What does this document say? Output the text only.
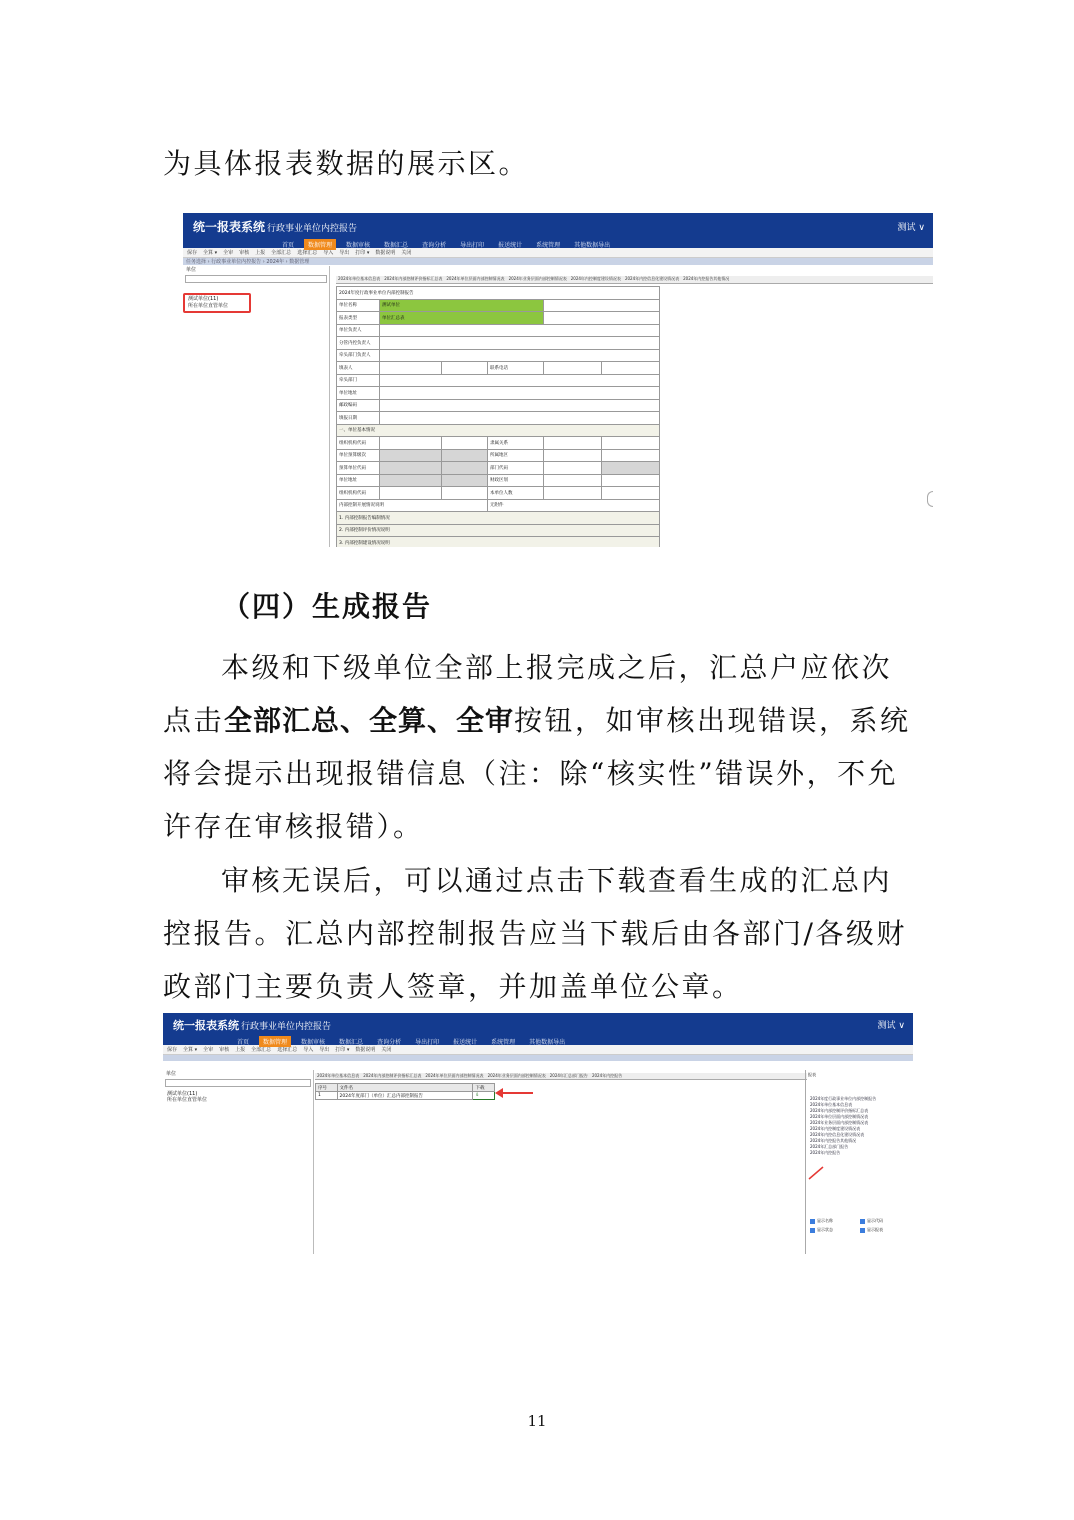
为具体报表数据的展示区。

统一报表系统 行政事业单位内控报告	测试 ∨
首页	数据管理	数据审核	数据汇总	查询分析	导出打印	报送统计	系统管理	其他数据导出
保存 全算 ▾ 全审 审核 上报 全部汇总 选择汇总 导入 导出 打印 ▾ 数据说明 关闭
任务选择 › 行政事业单位内控报告 › 2024年 › 数据管理
单位
测试单位(11)
所在单位直管单位
2024年单位基本信息表 2024年内部控制评价指标汇总表 2024年单位层面内部控制情况表 2024年业务层面内部控制情况表 2024年内控制度建设情况表 2024年内控信息化建设情况表 2024年内控报告其他情况
2024年度行政事业单位内部控制报告					
单位名称	测试单位				
报表类型	单位汇总表				
单位负责人					
分管内控负责人					
牵头部门负责人					
填表人			联系电话		
牵头部门					
单位地址					
邮政编码					
填报日期					
一、单位基本情况					
组织机构代码			隶属关系		
单位预算级次			所属地区		
预算单位代码			部门代码		
单位地址			财政区划		
组织机构代码			本单位人数		
内部控制开展情况说明			无附件		
1. 内部控制报告编制情况					
2. 内部控制评价情况说明					
3. 内部控制建设情况说明					

（四）生成报告

本级和下级单位全部上报完成之后，汇总户应依次点击全部汇总、全算、全审按钮，如审核出现错误，系统将会提示出现报错信息（注：除“核实性”错误外，不允许存在审核报错）。

审核无误后，可以通过点击下载查看生成的汇总内控报告。汇总内部控制报告应当下载后由各部门/各级财政部门主要负责人签章，并加盖单位公章。

统一报表系统 行政事业单位内控报告	测试 ∨
首页	数据管理	数据审核	数据汇总	查询分析	导出打印	报送统计	系统管理	其他数据导出
保存 全算 ▾ 全审 审核 上报 全部汇总 选择汇总 导入 导出 打印 ▾ 数据说明 关闭
单位
测试单位(11)
所在单位直管单位
2024年单位基本信息表 2024年内部控制评价指标汇总表 2024年单位层面内部控制情况表 2024年业务层面内部控制情况表 2024年汇总部门报告 2024年内控报告
序号	文件名	下载
1	2024年度部门（单位）汇总内部控制报告	⇩
报表
2024年度行政事业单位内部控制报告
2024年单位基本信息表
2024年内部控制评价指标汇总表
2024年单位层面内部控制情况表
2024年业务层面内部控制情况表
2024年内控制度建设情况表
2024年内控信息化建设情况表
2024年内控报告其他情况
2024年汇总部门报告
2024年内控报告
显示名称	显示代码
显示状态	显示报表
11
